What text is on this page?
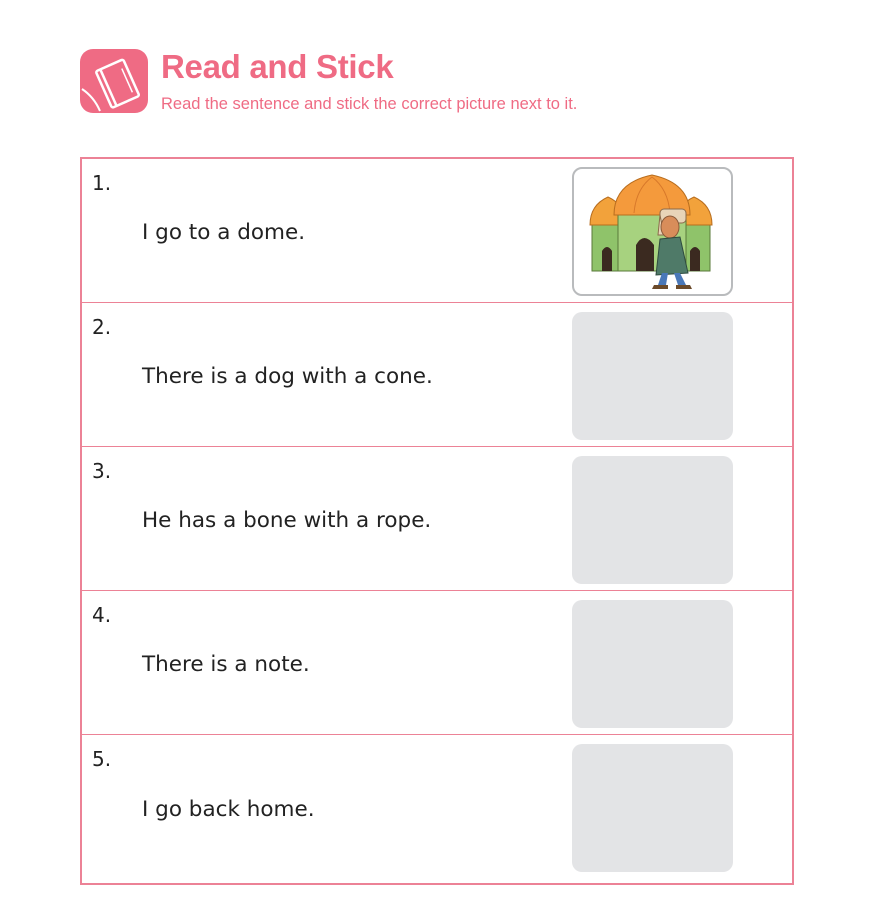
Read and Stick
Read the sentence and stick the correct picture next to it.
1.
I go to a dome.
2.
There is a dog with a cone.
3.
He has a bone with a rope.
4.
There is a note.
5.
I go back home.
